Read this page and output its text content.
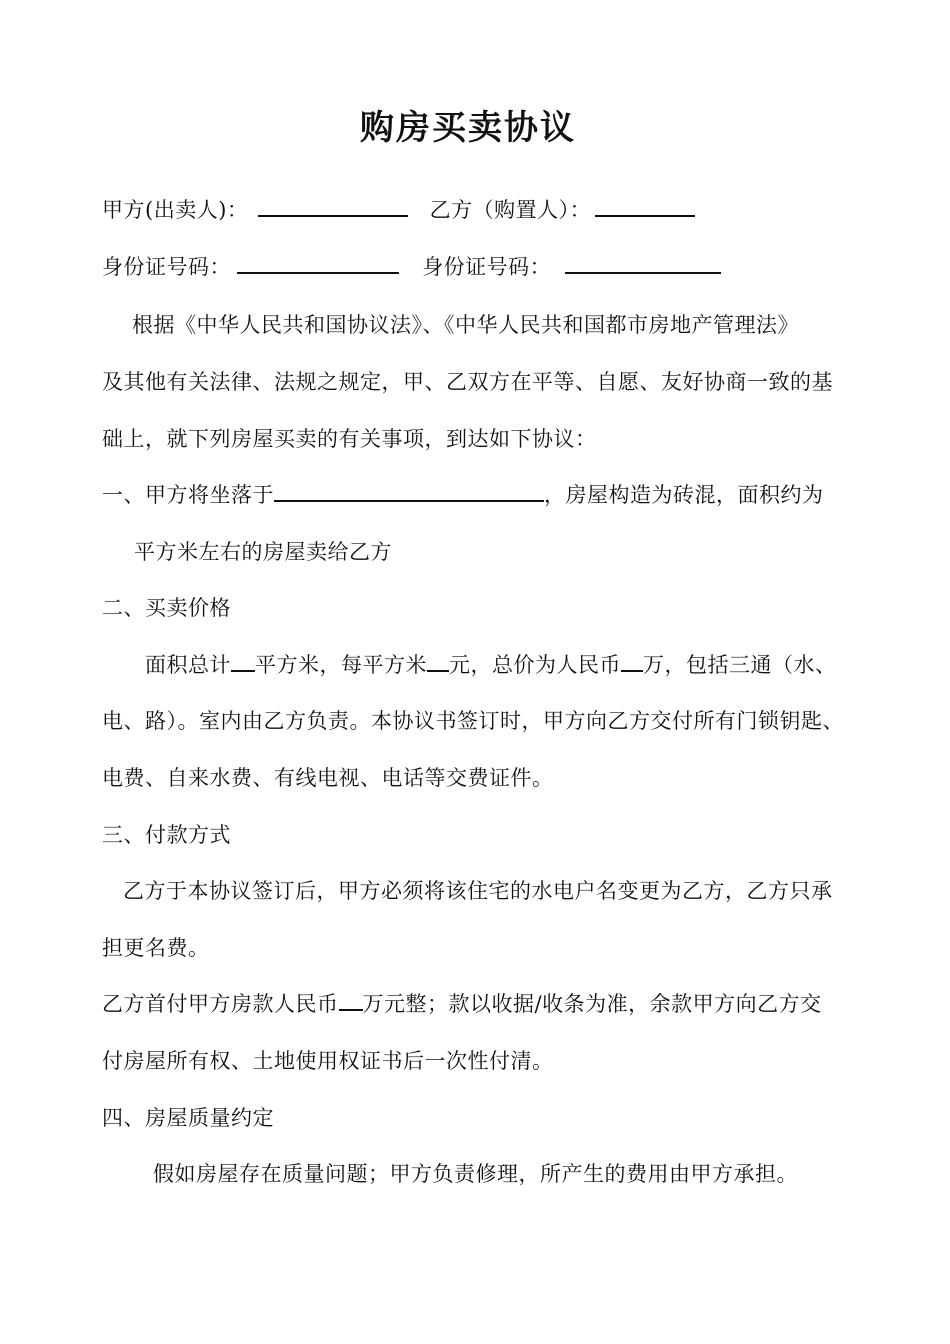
购房买卖协议
甲方(出卖人)：	乙方（购置人）：
身份证号码：	身份证号码：
根据《中华人民共和国协议法》、《中华人民共和国都市房地产管理法》
及其他有关法律、法规之规定，甲、乙双方在平等、自愿、友好协商一致的基
础上，就下列房屋买卖的有关事项，到达如下协议：
一、甲方将坐落于	，房屋构造为砖混，面积约为
平方米左右的房屋卖给乙方
二、买卖价格
面积总计 平方米，每平方米 元，总价为人民币 万，包括三通（水、
电、路）。室内由乙方负责。本协议书签订时，甲方向乙方交付所有门锁钥匙、
电费、自来水费、有线电视、电话等交费证件。
三、付款方式
乙方于本协议签订后，甲方必须将该住宅的水电户名变更为乙方，乙方只承
担更名费。
乙方首付甲方房款人民币 万元整；款以收据/收条为准，余款甲方向乙方交
付房屋所有权、土地使用权证书后一次性付清。
四、房屋质量约定
假如房屋存在质量问题；甲方负责修理，所产生的费用由甲方承担。
